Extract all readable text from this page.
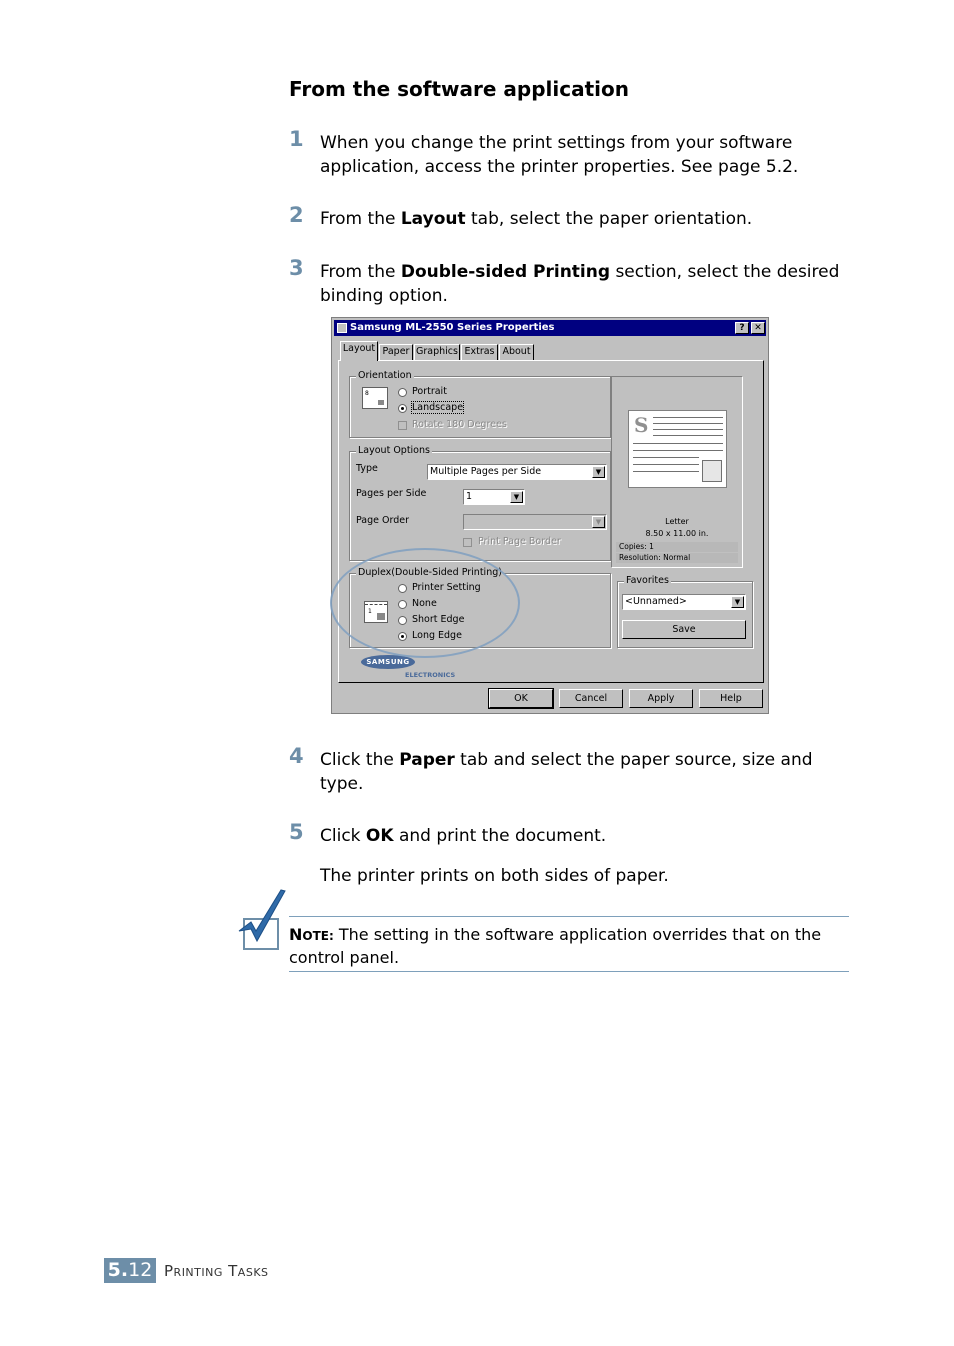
From the software application
1 When you change the print settings from your software application, access the printer properties. See page 5.2.
2 From the Layout tab, select the paper orientation.
3 From the Double-sided Printing section, select the desired binding option.
Samsung ML-2550 Series Properties	?	✕
Layout Paper Graphics Extras About
Orientation
8	Portrait
Landscape
Rotate 180 Degrees
Layout Options
Type	Multiple Pages per Side	▼
Pages per Side	1	▼
Page Order	▼
Print Page Border
Duplex(Double-Sided Printing)
1
Printer Setting
None
Short Edge
Long Edge
S
Letter
8.50 x 11.00 in.
Copies: 1
Resolution: Normal
Favorites
<Unnamed>	▼
Save
SAMSUNG
ELECTRONICS
OK	Cancel	Apply	Help
4 Click the Paper tab and select the paper source, size and type.
5 Click OK and print the document.
The printer prints on both sides of paper.
NOTE: The setting in the software application overrides that on the control panel.
5.12 Printing Tasks
